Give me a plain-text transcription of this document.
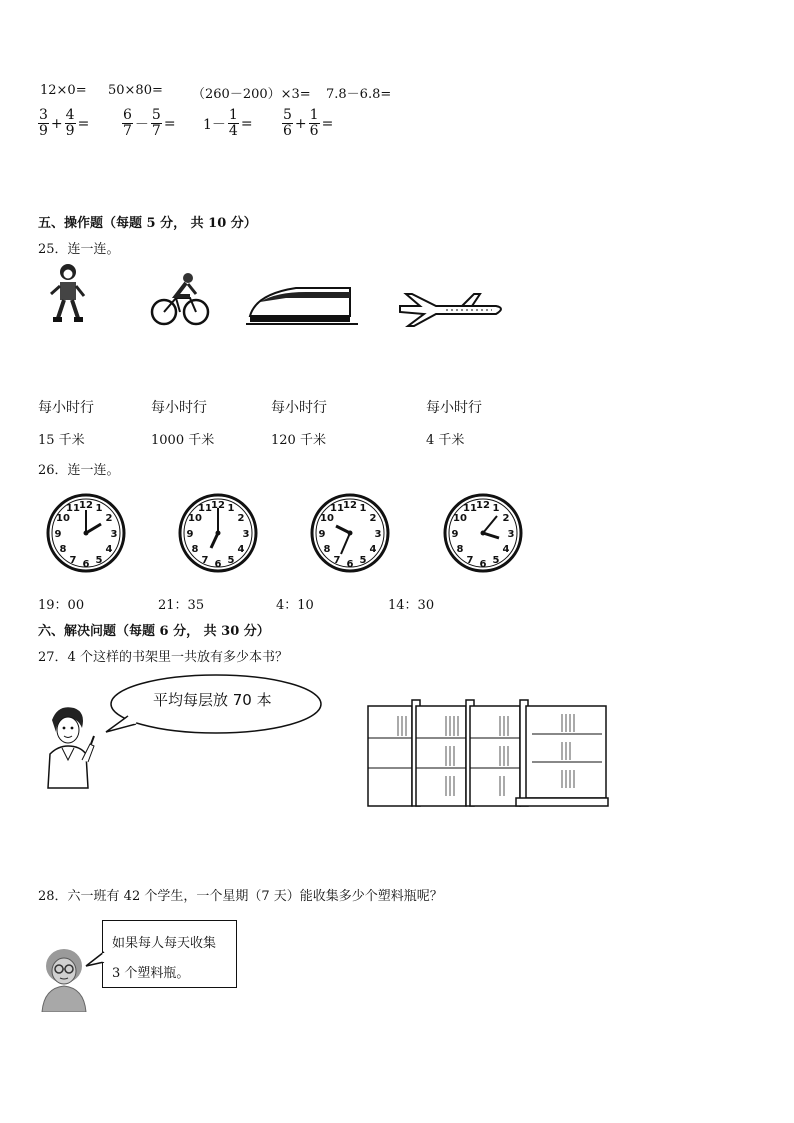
12×0= 50×80= （260－200）×3= 7.8－6.8=
$\frac{3}{9} + \frac{4}{9} = \frac{6}{7} - \frac{5}{7} = 1- \frac{1}{4} = \frac{5}{6} + \frac{1}{6}$ =
五、操作题（每题 5 分， 共 10 分）
25．连一连。
每小时行	每小时行	每小时行	每小时行
15 千米	1000 千米	120 千米	4 千米
26．连一连。
12 1
2
3
4
5
6
7
8
9
10
11	12 1
2
3
4
5
6
7
8
9
10
11	12 1
2
3
4
5
6
7
8
9
10
11	12 1
2
3
4
5
6
7
8
9
10
11
19：00	21：35	4：10	14：30
六、解决问题（每题 6 分， 共 30 分）
27．4 个这样的书架里一共放有多少本书？
平均每层放 70 本
28．六一班有 42 个学生，一个星期（7 天）能收集多少个塑料瓶呢？
如果每人每天收集
3 个塑料瓶。
